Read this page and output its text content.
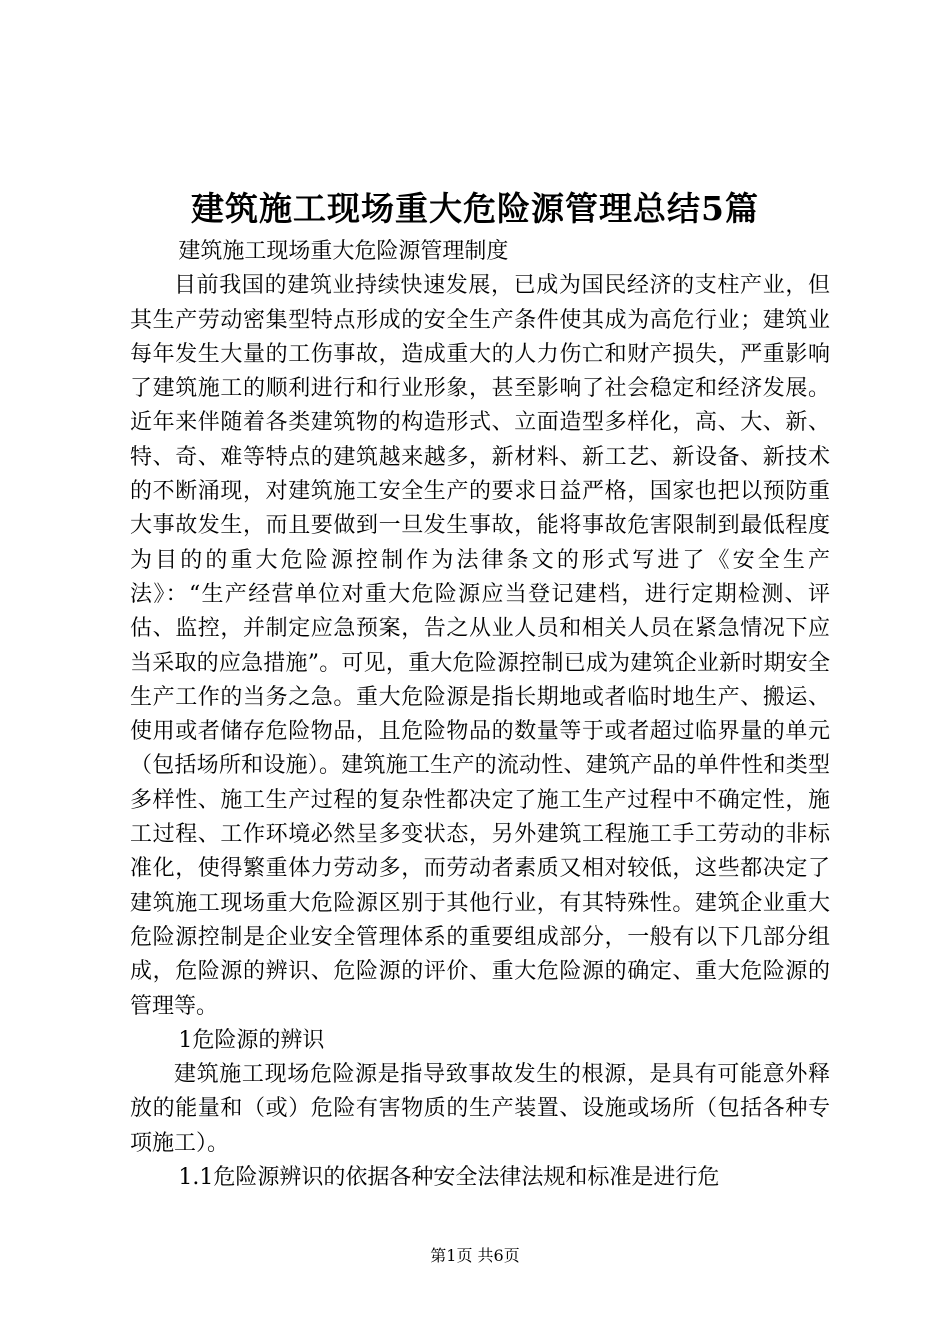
建筑施工现场重大危险源管理总结5篇

建筑施工现场重大危险源管理制度

目前我国的建筑业持续快速发展，已成为国民经济的支柱产业，但其生产劳动密集型特点形成的安全生产条件使其成为高危行业；建筑业每年发生大量的工伤事故，造成重大的人力伤亡和财产损失，严重影响了建筑施工的顺利进行和行业形象，甚至影响了社会稳定和经济发展。近年来伴随着各类建筑物的构造形式、立面造型多样化，高、大、新、特、奇、难等特点的建筑越来越多，新材料、新工艺、新设备、新技术的不断涌现，对建筑施工安全生产的要求日益严格，国家也把以预防重大事故发生，而且要做到一旦发生事故，能将事故危害限制到最低程度为目的的重大危险源控制作为法律条文的形式写进了《安全生产法》：“生产经营单位对重大危险源应当登记建档，进行定期检测、评估、监控，并制定应急预案，告之从业人员和相关人员在紧急情况下应当采取的应急措施”。可见，重大危险源控制已成为建筑企业新时期安全生产工作的当务之急。重大危险源是指长期地或者临时地生产、搬运、使用或者储存危险物品，且危险物品的数量等于或者超过临界量的单元（包括场所和设施）。建筑施工生产的流动性、建筑产品的单件性和类型多样性、施工生产过程的复杂性都决定了施工生产过程中不确定性，施工过程、工作环境必然呈多变状态，另外建筑工程施工手工劳动的非标准化，使得繁重体力劳动多，而劳动者素质又相对较低，这些都决定了建筑施工现场重大危险源区别于其他行业，有其特殊性。建筑企业重大危险源控制是企业安全管理体系的重要组成部分，一般有以下几部分组成，危险源的辨识、危险源的评价、重大危险源的确定、重大危险源的管理等。

1危险源的辨识

建筑施工现场危险源是指导致事故发生的根源，是具有可能意外释放的能量和（或）危险有害物质的生产装置、设施或场所（包括各种专项施工）。

1.1危险源辨识的依据各种安全法律法规和标准是进行危

第1页 共6页
